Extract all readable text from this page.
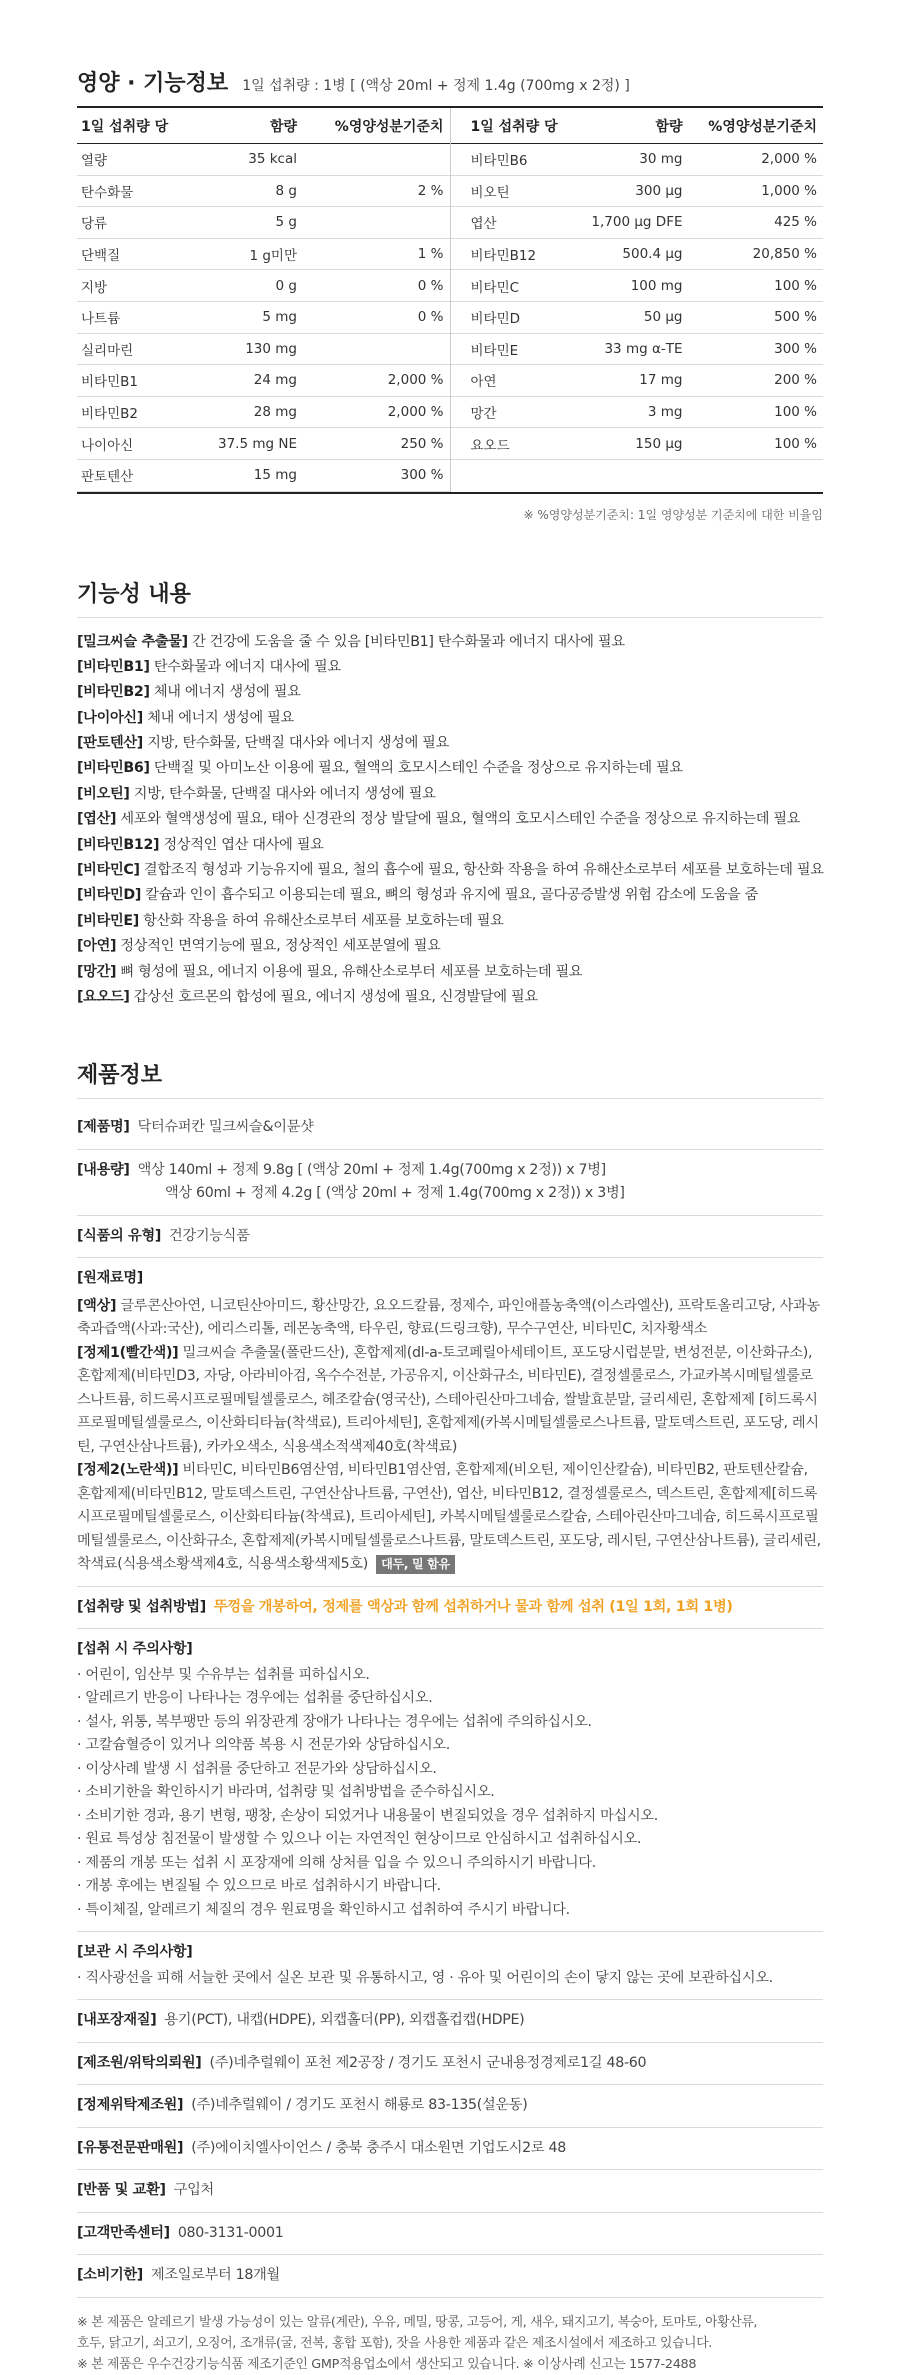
영양 · 기능정보 1일 섭취량 : 1병 [ (액상 20ml + 정제 1.4g (700mg x 2정) ]
1일 섭취량 당	함량	%영양성분기준치
열량	35 kcal
탄수화물	8 g	2 %
당류	5 g
단백질	1 g미만	1 %
지방	0 g	0 %
나트륨	5 mg	0 %
실리마린	130 mg
비타민B1	24 mg	2,000 %
비타민B2	28 mg	2,000 %
나이아신	37.5 mg NE	250 %
판토텐산	15 mg	300 %
1일 섭취량 당	함량	%영양성분기준치
비타민B6	30 mg	2,000 %
비오틴	300 μg	1,000 %
엽산	1,700 μg DFE	425 %
비타민B12	500.4 μg	20,850 %
비타민C	100 mg	100 %
비타민D	50 μg	500 %
비타민E	33 mg α-TE	300 %
아연	17 mg	200 %
망간	3 mg	100 %
요오드	150 μg	100 %
※ %영양성분기준치: 1일 영양성분 기준치에 대한 비율임
기능성 내용
[밀크씨슬 추출물] 간 건강에 도움을 줄 수 있음 [비타민B1] 탄수화물과 에너지 대사에 필요
[비타민B1] 탄수화물과 에너지 대사에 필요
[비타민B2] 체내 에너지 생성에 필요
[나이아신] 체내 에너지 생성에 필요
[판토텐산] 지방, 탄수화물, 단백질 대사와 에너지 생성에 필요
[비타민B6] 단백질 및 아미노산 이용에 필요, 혈액의 호모시스테인 수준을 정상으로 유지하는데 필요
[비오틴] 지방, 탄수화물, 단백질 대사와 에너지 생성에 필요
[엽산] 세포와 혈액생성에 필요, 태아 신경관의 정상 발달에 필요, 혈액의 호모시스테인 수준을 정상으로 유지하는데 필요
[비타민B12] 정상적인 엽산 대사에 필요
[비타민C] 결합조직 형성과 기능유지에 필요, 철의 흡수에 필요, 항산화 작용을 하여 유해산소로부터 세포를 보호하는데 필요
[비타민D] 칼슘과 인이 흡수되고 이용되는데 필요, 뼈의 형성과 유지에 필요, 골다공증발생 위험 감소에 도움을 줌
[비타민E] 항산화 작용을 하여 유해산소로부터 세포를 보호하는데 필요
[아연] 정상적인 면역기능에 필요, 정상적인 세포분열에 필요
[망간] 뼈 형성에 필요, 에너지 이용에 필요, 유해산소로부터 세포를 보호하는데 필요
[요오드] 갑상선 호르몬의 합성에 필요, 에너지 생성에 필요, 신경발달에 필요
제품정보
[제품명] 닥터슈퍼칸 밀크씨슬&이뮨샷
[내용량] 액상 140ml + 정제 9.8g [ (액상 20ml + 정제 1.4g(700mg x 2정)) x 7병]
액상 60ml + 정제 4.2g [ (액상 20ml + 정제 1.4g(700mg x 2정)) x 3병]
[식품의 유형] 건강기능식품
[원재료명]
[액상] 글루콘산아연, 니코틴산아미드, 황산망간, 요오드칼륨, 정제수, 파인애플농축액(이스라엘산), 프락토올리고당, 사과농축과즙액(사과:국산), 에리스리톨, 레몬농축액, 타우린, 향료(드링크향), 무수구연산, 비타민C, 치자황색소
[정제1(빨간색)] 밀크씨슬 추출물(폴란드산), 혼합제제(dl-a-토코페릴아세테이트, 포도당시럽분말, 변성전분, 이산화규소), 혼합제제(비타민D3, 자당, 아라비아검, 옥수수전분, 가공유지, 이산화규소, 비타민E), 결정셀룰로스, 가교카복시메틸셀룰로스나트륨, 히드록시프로필메틸셀룰로스, 헤조칼슘(영국산), 스테아린산마그네슘, 쌀발효분말, 글리세린, 혼합제제 [히드록시프로필메틸셀룰로스, 이산화티타늄(착색료), 트리아세틴], 혼합제제(카복시메틸셀룰로스나트륨, 말토덱스트린, 포도당, 레시틴, 구연산삼나트륨), 카카오색소, 식용색소적색제40호(착색료)
[정제2(노란색)] 비타민C, 비타민B6염산염, 비타민B1염산염, 혼합제제(비오틴, 제이인산칼슘), 비타민B2, 판토텐산칼슘, 혼합제제(비타민B12, 말토덱스트린, 구연산삼나트륨, 구연산), 엽산, 비타민B12, 결정셀룰로스, 덱스트린, 혼합제제[히드록시프로필메틸셀룰로스, 이산화티타늄(착색료), 트리아세틴], 카복시메틸셀룰로스칼슘, 스테아린산마그네슘, 히드록시프로필메틸셀룰로스, 이산화규소, 혼합제제(카복시메틸셀룰로스나트륨, 말토덱스트린, 포도당, 레시틴, 구연산삼나트륨), 글리세린, 착색료(식용색소황색제4호, 식용색소황색제5호) 대두, 밀 함유
[섭취량 및 섭취방법] 뚜껑을 개봉하여, 정제를 액상과 함께 섭취하거나 물과 함께 섭취 (1일 1회, 1회 1병)
[섭취 시 주의사항]
· 어린이, 임산부 및 수유부는 섭취를 피하십시오.
· 알레르기 반응이 나타나는 경우에는 섭취를 중단하십시오.
· 설사, 위통, 복부팽만 등의 위장관계 장애가 나타나는 경우에는 섭취에 주의하십시오.
· 고칼슘혈증이 있거나 의약품 복용 시 전문가와 상담하십시오.
· 이상사례 발생 시 섭취를 중단하고 전문가와 상담하십시오.
· 소비기한을 확인하시기 바라며, 섭취량 및 섭취방법을 준수하십시오.
· 소비기한 경과, 용기 변형, 팽창, 손상이 되었거나 내용물이 변질되었을 경우 섭취하지 마십시오.
· 원료 특성상 침전물이 발생할 수 있으나 이는 자연적인 현상이므로 안심하시고 섭취하십시오.
· 제품의 개봉 또는 섭취 시 포장재에 의해 상처를 입을 수 있으니 주의하시기 바랍니다.
· 개봉 후에는 변질될 수 있으므로 바로 섭취하시기 바랍니다.
· 특이체질, 알레르기 체질의 경우 원료명을 확인하시고 섭취하여 주시기 바랍니다.
[보관 시 주의사항]
· 직사광선을 피해 서늘한 곳에서 실온 보관 및 유통하시고, 영 · 유아 및 어린이의 손이 닿지 않는 곳에 보관하십시오.
[내포장재질] 용기(PCT), 내캡(HDPE), 외캡홀더(PP), 외캡홀컵캡(HDPE)
[제조원/위탁의뢰원] (주)네추럴웨이 포천 제2공장 / 경기도 포천시 군내용정경제로1길 48-60
[정제위탁제조원] (주)네추럴웨이 / 경기도 포천시 해룡로 83-135(설운동)
[유통전문판매원] (주)에이치엘사이언스 / 충북 충주시 대소원면 기업도시2로 48
[반품 및 교환] 구입처
[고객만족센터] 080-3131-0001
[소비기한] 제조일로부터 18개월
※ 본 제품은 알레르기 발생 가능성이 있는 알류(계란), 우유, 메밀, 땅콩, 고등어, 게, 새우, 돼지고기, 복숭아, 토마토, 아황산류,
호두, 닭고기, 쇠고기, 오징어, 조개류(굴, 전복, 홍합 포함), 잣을 사용한 제품과 같은 제조시설에서 제조하고 있습니다.
※ 본 제품은 우수건강기능식품 제조기준인 GMP적용업소에서 생산되고 있습니다. ※ 이상사례 신고는 1577-2488
